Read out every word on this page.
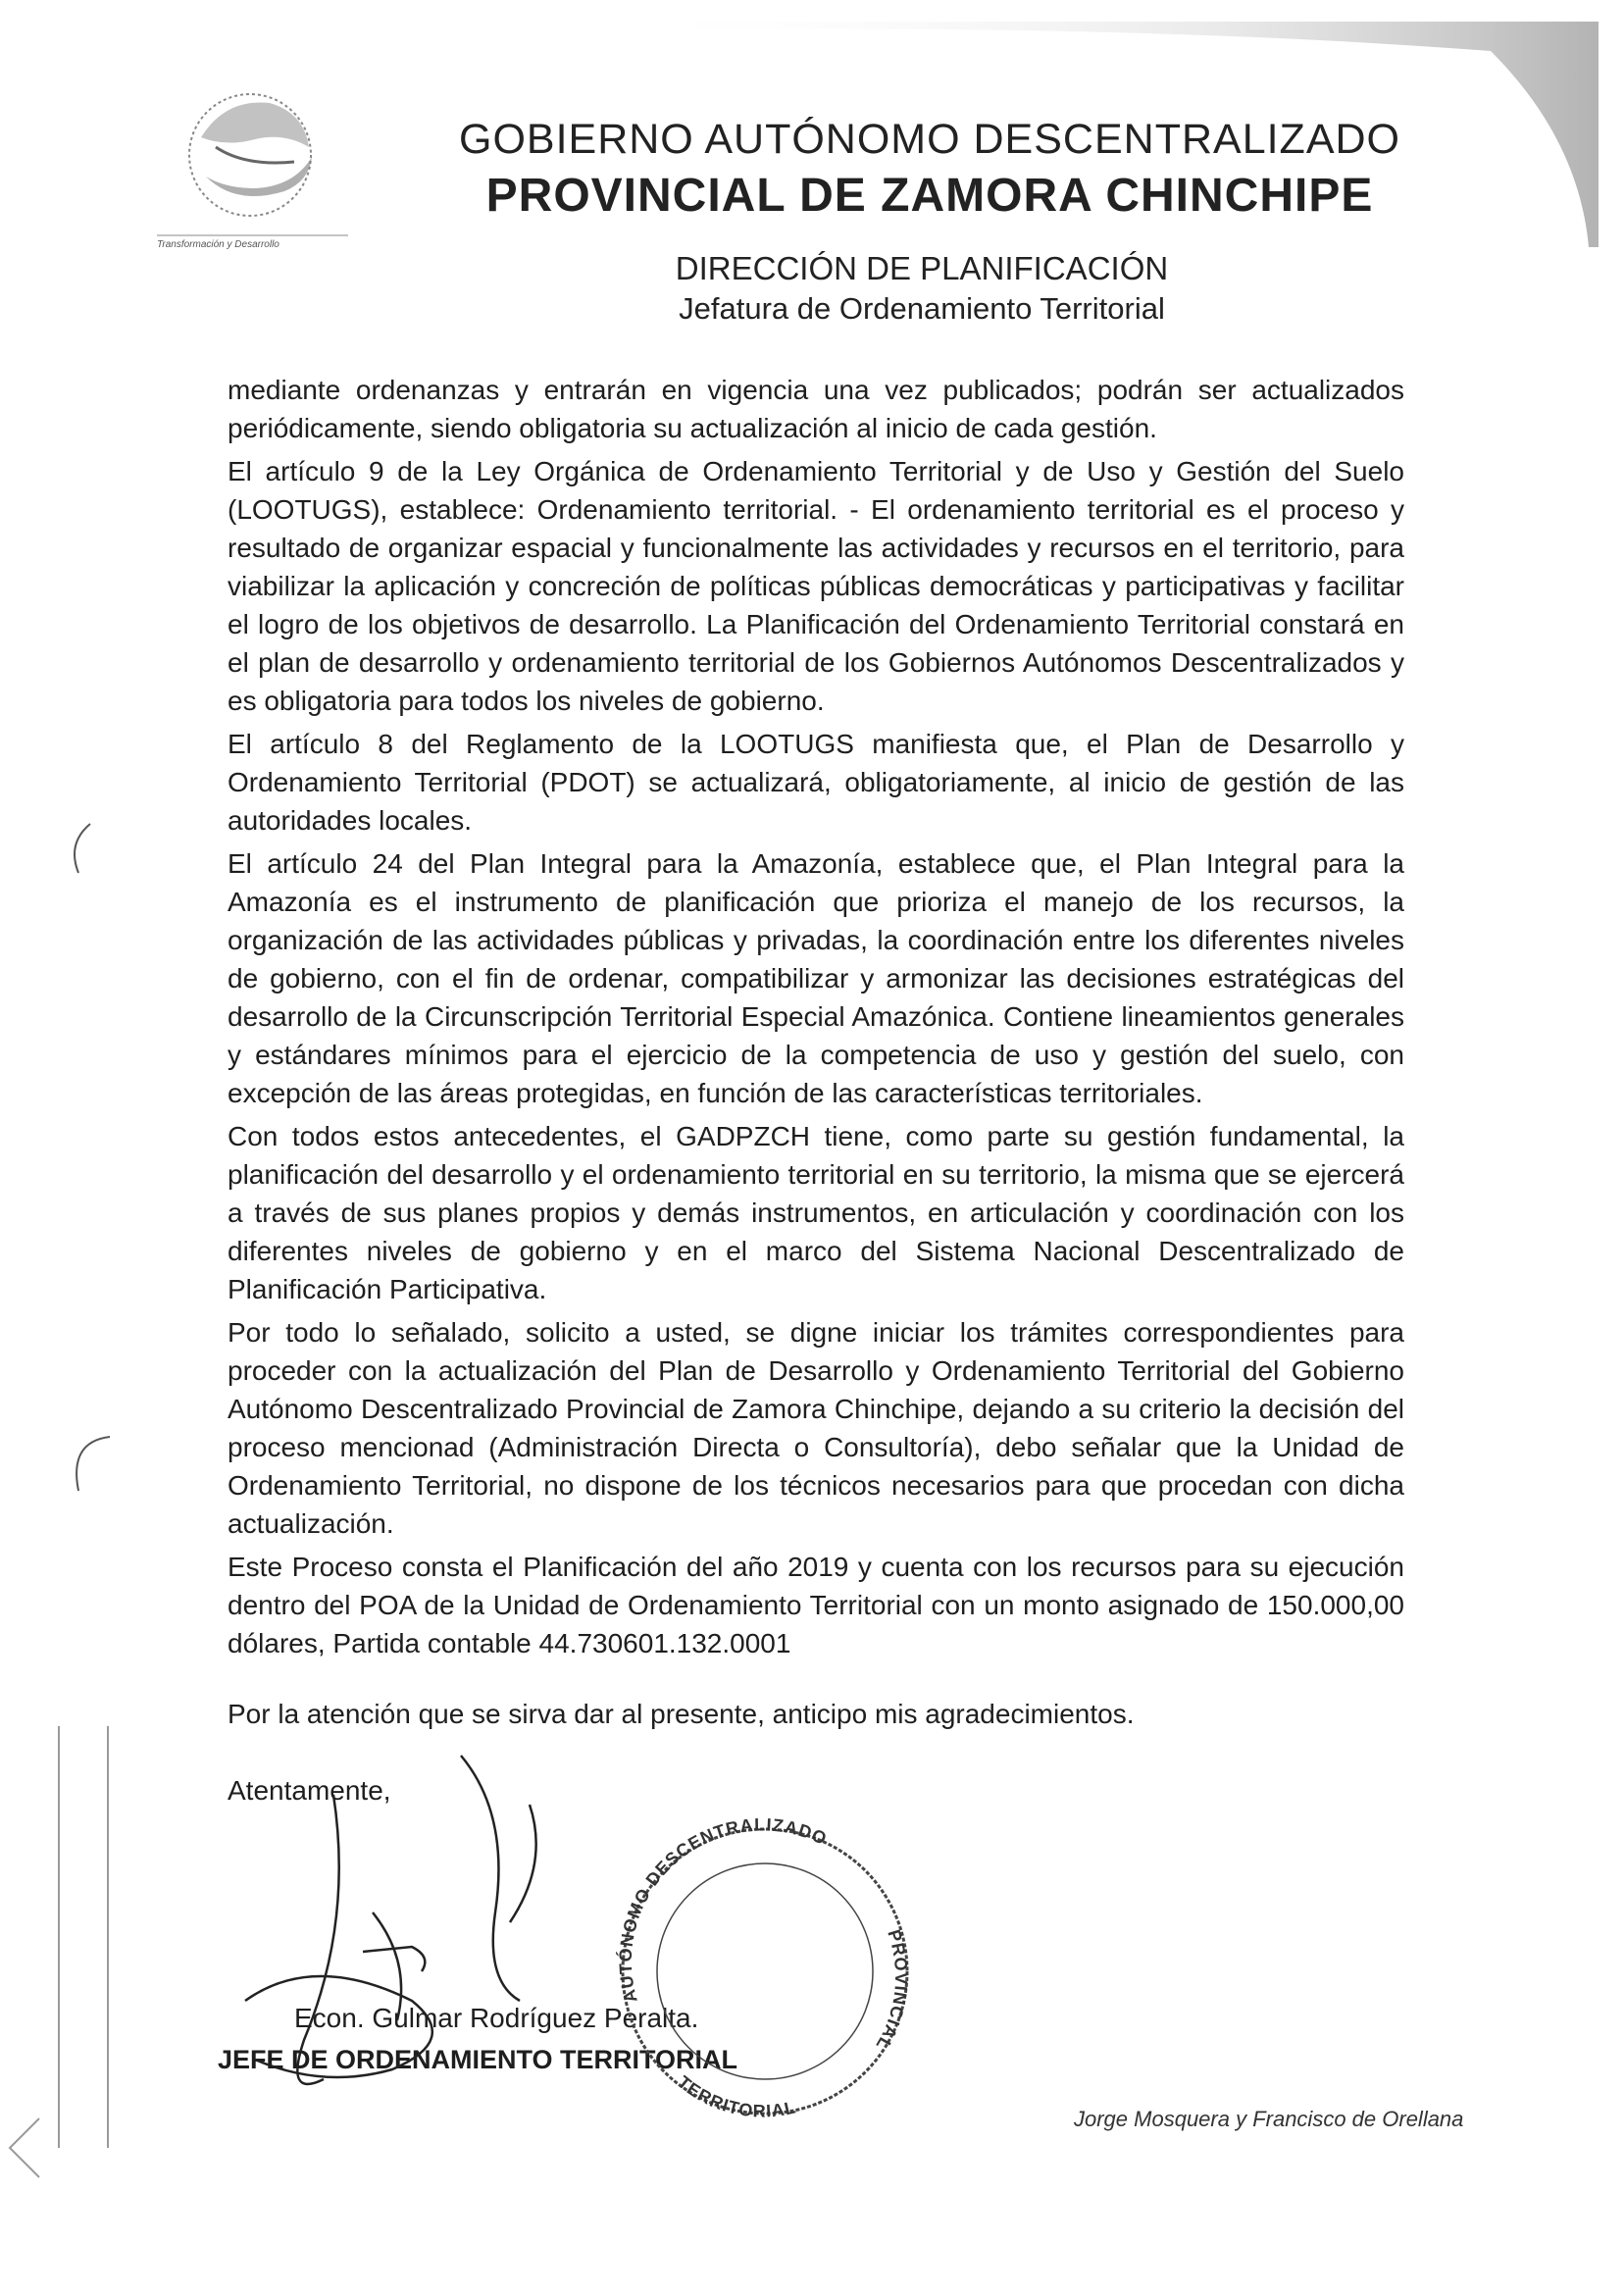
Transformación y Desarrollo
GOBIERNO AUTÓNOMO DESCENTRALIZADO
PROVINCIAL DE ZAMORA CHINCHIPE
DIRECCIÓN DE PLANIFICACIÓN
Jefatura de Ordenamiento Territorial

mediante ordenanzas y entrarán en vigencia una vez publicados; podrán ser actualizados periódicamente, siendo obligatoria su actualización al inicio de cada gestión.

El artículo 9 de la Ley Orgánica de Ordenamiento Territorial y de Uso y Gestión del Suelo (LOOTUGS), establece: Ordenamiento territorial. - El ordenamiento territorial es el proceso y resultado de organizar espacial y funcionalmente las actividades y recursos en el territorio, para viabilizar la aplicación y concreción de políticas públicas democráticas y participativas y facilitar el logro de los objetivos de desarrollo. La Planificación del Ordenamiento Territorial constará en el plan de desarrollo y ordenamiento territorial de los Gobiernos Autónomos Descentralizados y es obligatoria para todos los niveles de gobierno.

El artículo 8 del Reglamento de la LOOTUGS manifiesta que, el Plan de Desarrollo y Ordenamiento Territorial (PDOT) se actualizará, obligatoriamente, al inicio de gestión de las autoridades locales.

El artículo 24 del Plan Integral para la Amazonía, establece que, el Plan Integral para la Amazonía es el instrumento de planificación que prioriza el manejo de los recursos, la organización de las actividades públicas y privadas, la coordinación entre los diferentes niveles de gobierno, con el fin de ordenar, compatibilizar y armonizar las decisiones estratégicas del desarrollo de la Circunscripción Territorial Especial Amazónica. Contiene lineamientos generales y estándares mínimos para el ejercicio de la competencia de uso y gestión del suelo, con excepción de las áreas protegidas, en función de las características territoriales.

Con todos estos antecedentes, el GADPZCH tiene, como parte su gestión fundamental, la planificación del desarrollo y el ordenamiento territorial en su territorio, la misma que se ejercerá a través de sus planes propios y demás instrumentos, en articulación y coordinación con los diferentes niveles de gobierno y en el marco del Sistema Nacional Descentralizado de Planificación Participativa.

Por todo lo señalado, solicito a usted, se digne iniciar los trámites correspondientes para proceder con la actualización del Plan de Desarrollo y Ordenamiento Territorial del Gobierno Autónomo Descentralizado Provincial de Zamora Chinchipe, dejando a su criterio la decisión del proceso mencionad (Administración Directa o Consultoría), debo señalar que la Unidad de Ordenamiento Territorial, no dispone de los técnicos necesarios para que procedan con dicha actualización.

Este Proceso consta el Planificación del año 2019 y cuenta con los recursos para su ejecución dentro del POA de la Unidad de Ordenamiento Territorial con un monto asignado de 150.000,00 dólares, Partida contable 44.730601.132.0001

Por la atención que se sirva dar al presente, anticipo mis agradecimientos.
Atentamente,
Econ. Gulmar Rodríguez Peralta.
JEFE DE ORDENAMIENTO TERRITORIAL
Jorge Mosquera y Francisco de Orellana
AUTÓNOMO DESCENTRALIZADO
PROVINCIAL
TERRITORIAL
